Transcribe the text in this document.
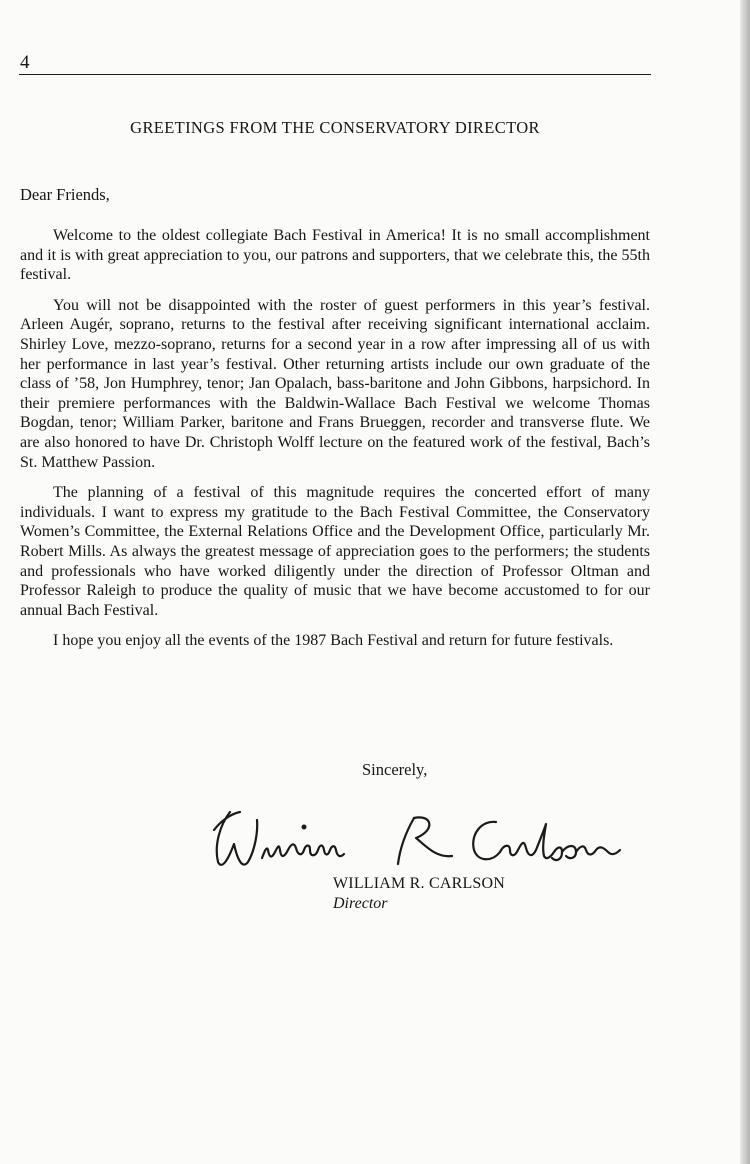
4
GREETINGS FROM THE CONSERVATORY DIRECTOR
Dear Friends,

Welcome to the oldest collegiate Bach Festival in America! It is no small accomplishment and it is with great appreciation to you, our patrons and supporters, that we celebrate this, the 55th festival.

You will not be disappointed with the roster of guest performers in this year’s festival. Arleen Augér, soprano, returns to the festival after receiving significant international acclaim. Shirley Love, mezzo-soprano, returns for a second year in a row after impressing all of us with her performance in last year’s festival. Other returning artists include our own graduate of the class of ’58, Jon Humphrey, tenor; Jan Opalach, bass-baritone and John Gibbons, harpsichord. In their premiere performances with the Baldwin-Wallace Bach Festival we welcome Thomas Bogdan, tenor; William Parker, baritone and Frans Brueggen, recorder and transverse flute. We are also honored to have Dr. Christoph Wolff lecture on the featured work of the festival, Bach’s St. Matthew Passion.

The planning of a festival of this magnitude requires the concerted effort of many individuals. I want to express my gratitude to the Bach Festival Committee, the Conservatory Women’s Committee, the External Relations Office and the Development Office, particularly Mr. Robert Mills. As always the greatest message of appreciation goes to the performers; the students and professionals who have worked diligently under the direction of Professor Oltman and Professor Raleigh to produce the quality of music that we have become accustomed to for our annual Bach Festival.

I hope you enjoy all the events of the 1987 Bach Festival and return for future festivals.

Sincerely,
WILLIAM R. CARLSON
Director
